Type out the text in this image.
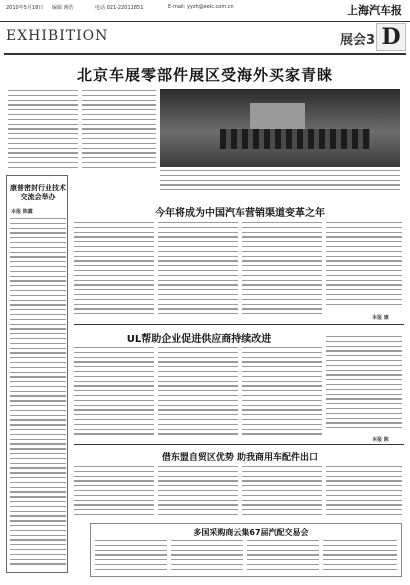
2010年5月18日 编辑 蒋浩	电话 021-22011851	E-mail: yyzh@eeic.com.cn	上海汽车报
EXHIBITION	展会3 D
北京车展零部件展区受海外买家青睐
康普密封行业技术交流会举办
本报 陈露	今年将成为中国汽车营销渠道变革之年
本报 康
UL帮助企业促进供应商持续改进
本报 陈
借东盟自贸区优势 助我商用车配件出口
多国采购商云集67届汽配交易会
